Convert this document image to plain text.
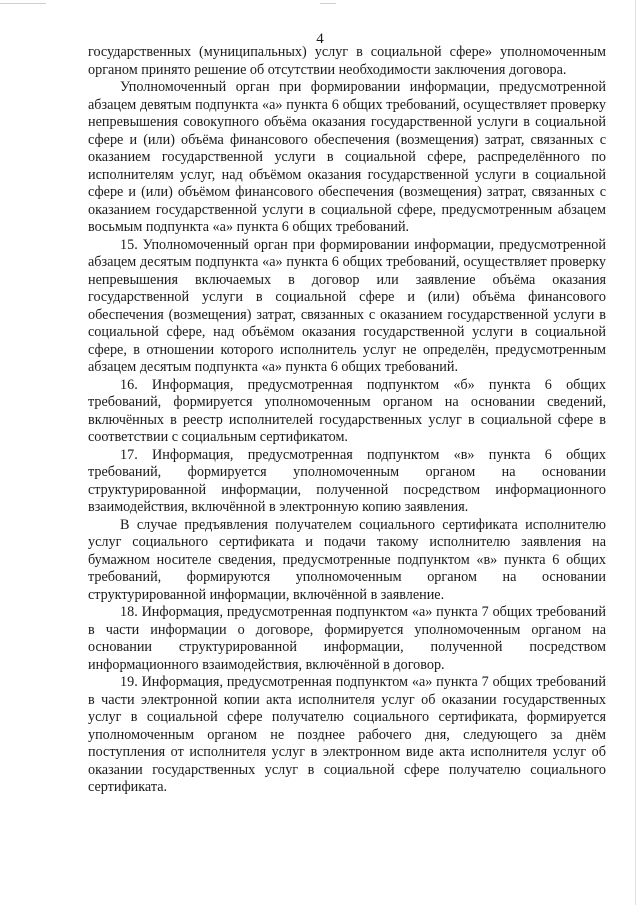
4

государственных (муниципальных) услуг в социальной сфере» уполномоченным органом принято решение об отсутствии необходимости заключения договора.

Уполномоченный орган при формировании информации, предусмотренной абзацем девятым подпункта «а» пункта 6 общих требований, осуществляет проверку непревышения совокупного объёма оказания государственной услуги в социальной сфере и (или) объёма финансового обеспечения (возмещения) затрат, связанных с оказанием государственной услуги в социальной сфере, распределённого по исполнителям услуг, над объёмом оказания государственной услуги в социальной сфере и (или) объёмом финансового обеспечения (возмещения) затрат, связанных с оказанием государственной услуги в социальной сфере, предусмотренным абзацем восьмым подпункта «а» пункта 6 общих требований.

15. Уполномоченный орган при формировании информации, предусмотренной абзацем десятым подпункта «а» пункта 6 общих требований, осуществляет проверку непревышения включаемых в договор или заявление объёма оказания государственной услуги в социальной сфере и (или) объёма финансового обеспечения (возмещения) затрат, связанных с оказанием государственной услуги в социальной сфере, над объёмом оказания государственной услуги в социальной сфере, в отношении которого исполнитель услуг не определён, предусмотренным абзацем десятым подпункта «а» пункта 6 общих требований.

16. Информация, предусмотренная подпунктом «б» пункта 6 общих требований, формируется уполномоченным органом на основании сведений, включённых в реестр исполнителей государственных услуг в социальной сфере в соответствии с социальным сертификатом.

17. Информация, предусмотренная подпунктом «в» пункта 6 общих требований, формируется уполномоченным органом на основании структурированной информации, полученной посредством информационного взаимодействия, включённой в электронную копию заявления.

В случае предъявления получателем социального сертификата исполнителю услуг социального сертификата и подачи такому исполнителю заявления на бумажном носителе сведения, предусмотренные подпунктом «в» пункта 6 общих требований, формируются уполномоченным органом на основании структурированной информации, включённой в заявление.

18. Информация, предусмотренная подпунктом «а» пункта 7 общих требований в части информации о договоре, формируется уполномоченным органом на основании структурированной информации, полученной посредством информационного взаимодействия, включённой в договор.

19. Информация, предусмотренная подпунктом «а» пункта 7 общих требований в части электронной копии акта исполнителя услуг об оказании государственных услуг в социальной сфере получателю социального сертификата, формируется уполномоченным органом не позднее рабочего дня, следующего за днём поступления от исполнителя услуг в электронном виде акта исполнителя услуг об оказании государственных услуг в социальной сфере получателю социального сертификата.
